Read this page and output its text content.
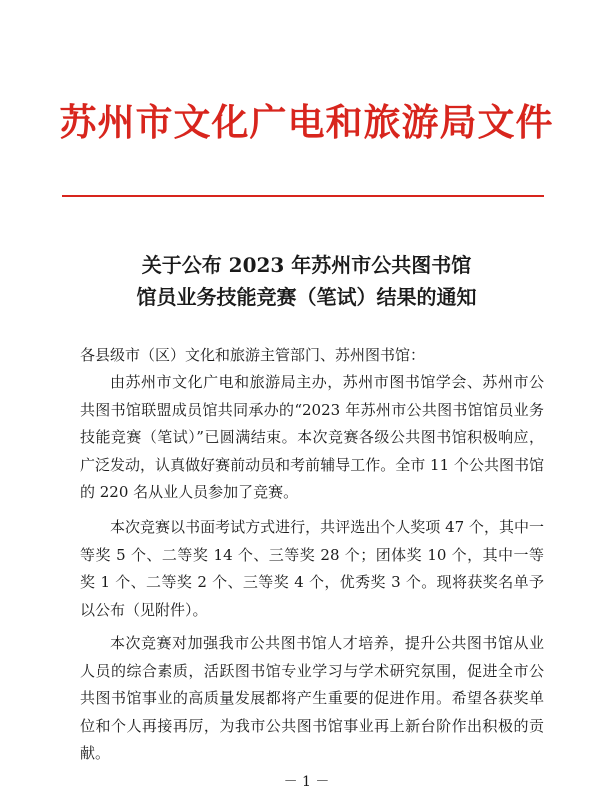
苏州市文化广电和旅游局文件
关于公布 2023 年苏州市公共图书馆
馆员业务技能竞赛（笔试）结果的通知
各县级市（区）文化和旅游主管部门、苏州图书馆：

由苏州市文化广电和旅游局主办，苏州市图书馆学会、苏州市公共图书馆联盟成员馆共同承办的“2023 年苏州市公共图书馆馆员业务技能竞赛（笔试）”已圆满结束。本次竞赛各级公共图书馆积极响应，广泛发动，认真做好赛前动员和考前辅导工作。全市 11 个公共图书馆的 220 名从业人员参加了竞赛。

本次竞赛以书面考试方式进行，共评选出个人奖项 47 个，其中一等奖 5 个、二等奖 14 个、三等奖 28 个；团体奖 10 个，其中一等奖 1 个、二等奖 2 个、三等奖 4 个，优秀奖 3 个。现将获奖名单予以公布（见附件）。

本次竞赛对加强我市公共图书馆人才培养，提升公共图书馆从业人员的综合素质，活跃图书馆专业学习与学术研究氛围，促进全市公共图书馆事业的高质量发展都将产生重要的促进作用。希望各获奖单位和个人再接再厉，为我市公共图书馆事业再上新台阶作出积极的贡献。

－ 1 －
